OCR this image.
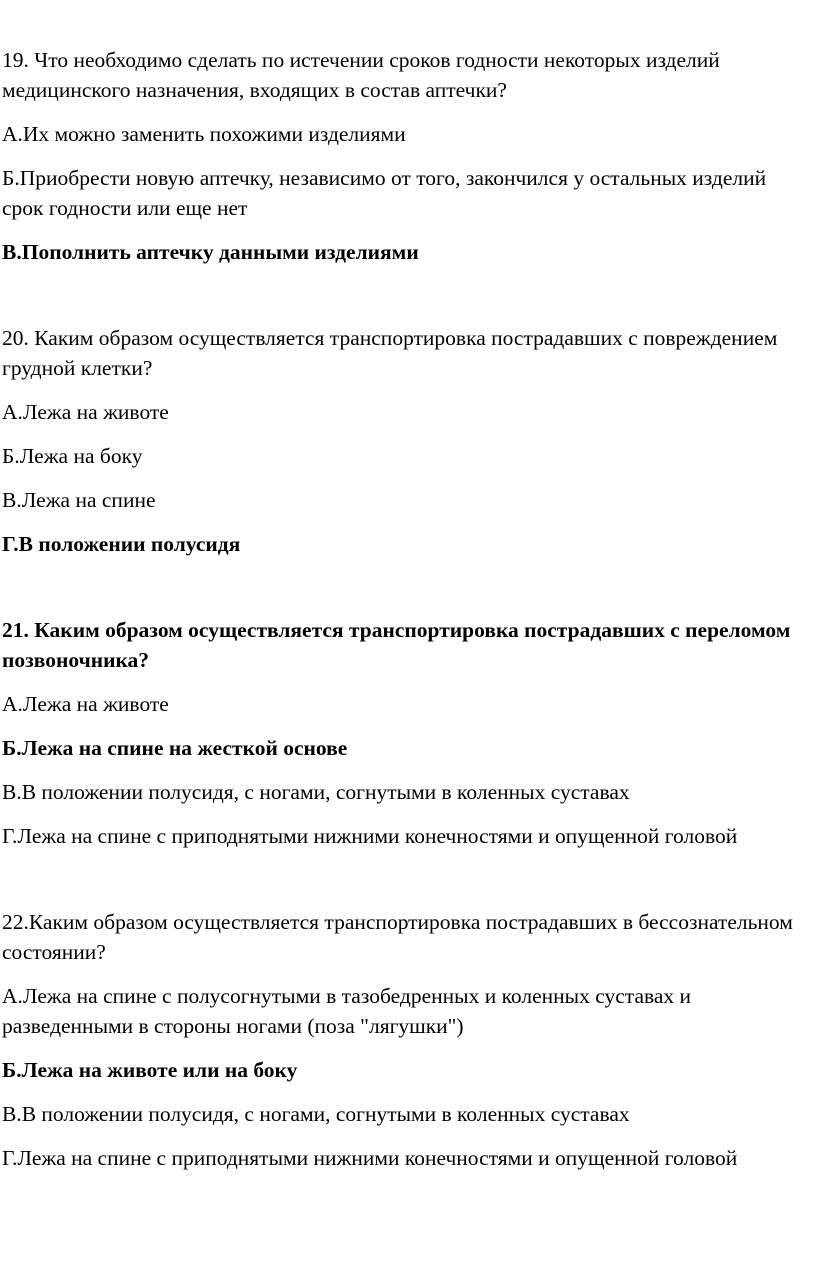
19. Что необходимо сделать по истечении сроков годности некоторых изделий медицинского назначения, входящих в состав аптечки?
А.Их можно заменить похожими изделиями
Б.Приобрести новую аптечку, независимо от того, закончился у остальных изделий срок годности или еще нет
В.Пополнить аптечку данными изделиями
20. Каким образом осуществляется транспортировка пострадавших с повреждением грудной клетки?
А.Лежа на животе
Б.Лежа на боку
В.Лежа на спине
Г.В положении полусидя
21. Каким образом осуществляется транспортировка пострадавших с переломом позвоночника?
А.Лежа на животе
Б.Лежа на спине на жесткой основе
В.В положении полусидя, с ногами, согнутыми в коленных суставах
Г.Лежа на спине с приподнятыми нижними конечностями и опущенной головой
22.Каким образом осуществляется транспортировка пострадавших в бессознательном состоянии?
А.Лежа на спине с полусогнутыми в тазобедренных и коленных суставах и разведенными в стороны ногами (поза "лягушки")
Б.Лежа на животе или на боку
В.В положении полусидя, с ногами, согнутыми в коленных суставах
Г.Лежа на спине с приподнятыми нижними конечностями и опущенной головой
